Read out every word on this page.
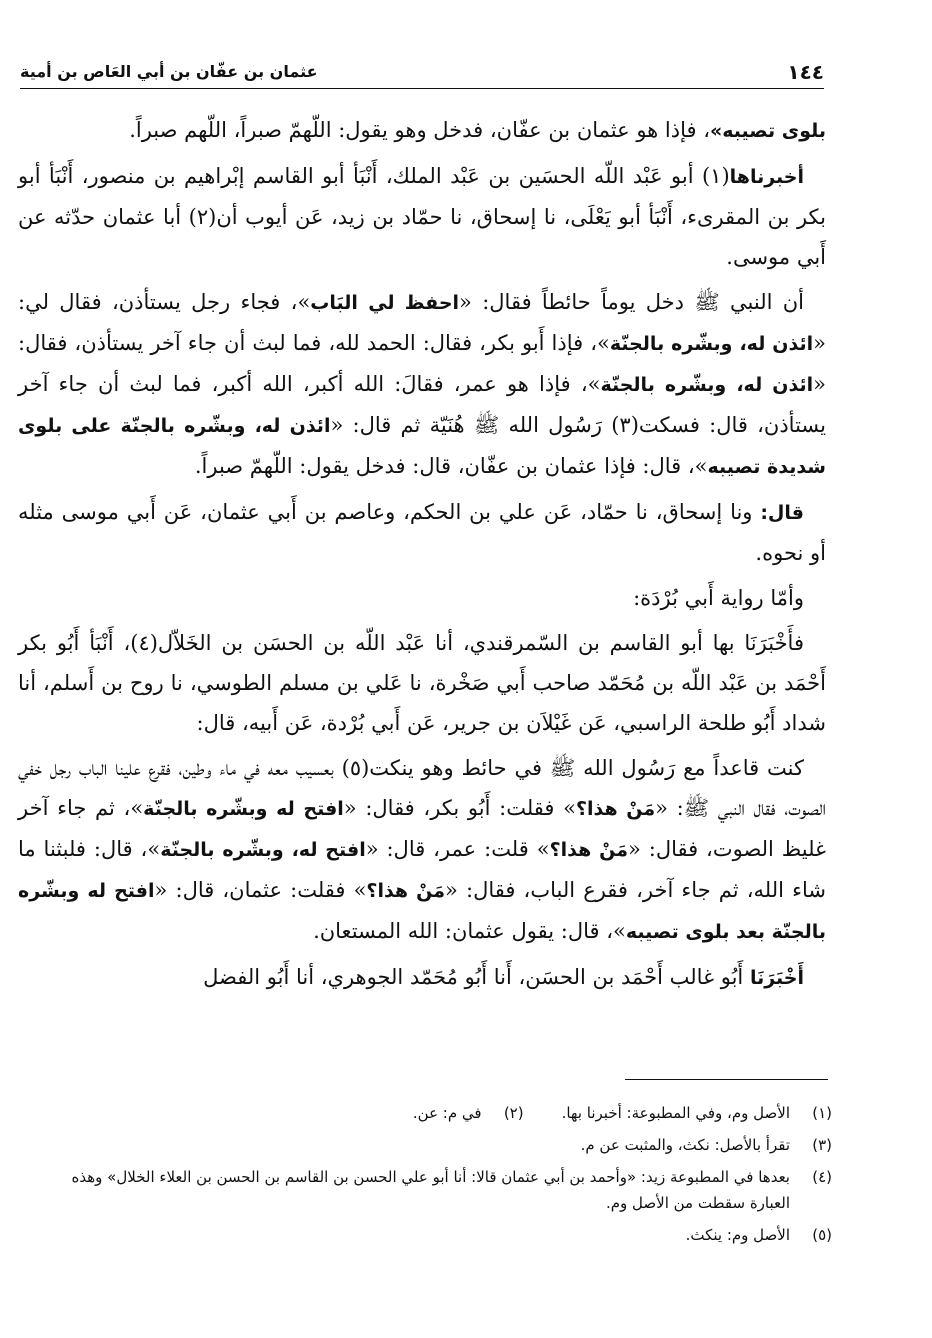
١٤٤
عثمان بن عفّان بن أبي العَاص بن أمية

بلوى تصيبه»، فإذا هو عثمان بن عفّان، فدخل وهو يقول: اللّهمّ صبراً، اللّهم صبراً.

أخبرناها(١) أبو عَبْد اللّه الحسَين بن عَبْد الملك، أَنْبَأ أبو القاسم إبْراهيم بن منصور، أَنْبَأ أبو بكر بن المقرىء، أَنْبَأ أبو يَعْلَى، نا إسحاق، نا حمّاد بن زيد، عَن أيوب أن(٢) أبا عثمان حدّثه عن أَبي موسى.

أن النبي ﷺ دخل يوماً حائطاً فقال: «احفظ لي البَاب»، فجاء رجل يستأذن، فقال لي: «ائذن له، وبشّره بالجنّة»، فإذا أَبو بكر، فقال: الحمد لله، فما لبث أن جاء آخر يستأذن، فقال: «ائذن له، وبشّره بالجنّة»، فإذا هو عمر، فقالَ: الله أكبر، الله أكبر، فما لبث أن جاء آخر يستأذن، قال: فسكت(٣) رَسُول الله ﷺ هُنَيّة ثم قال: «ائذن له، وبشّره بالجنّة على بلوى شديدة تصيبه»، قال: فإذا عثمان بن عفّان، قال: فدخل يقول: اللّهمّ صبراً.

قال: ونا إسحاق، نا حمّاد، عَن علي بن الحكم، وعاصم بن أَبي عثمان، عَن أَبي موسى مثله أو نحوه.

وأمّا رواية أَبي بُرْدَة:

فأَخْبَرَنَا بها أبو القاسم بن السّمرقندي، أنا عَبْد اللّه بن الحسَن بن الخَلاّل(٤)، أَنْبَأ أَبُو بكر أَحْمَد بن عَبْد اللّه بن مُحَمّد صاحب أَبي صَخْرة، نا عَلي بن مسلم الطوسي، نا روح بن أَسلم، أنا شداد أَبُو طلحة الراسبي، عَن غَيْلاَن بن جرير، عَن أَبي بُرْدة، عَن أَبيه، قال:

كنت قاعداً مع رَسُول الله ﷺ في حائط وهو ينكت(٥) بعسيب معه في ماء وطين، فقرع علينا الباب رجل خفي الصوت، فقال النبي ﷺ: «مَنْ هذا؟» فقلت: أَبُو بكر، فقال: «افتح له وبشّره بالجنّة»، ثم جاء آخر غليظ الصوت، فقال: «مَنْ هذا؟» قلت: عمر، قال: «افتح له، وبشّره بالجنّة»، قال: فلبثنا ما شاء الله، ثم جاء آخر، فقرع الباب، فقال: «مَنْ هذا؟» فقلت: عثمان، قال: «افتح له وبشّره بالجنّة بعد بلوى تصيبه»، قال: يقول عثمان: الله المستعان.

أَخْبَرَنَا أَبُو غالب أَحْمَد بن الحسَن، أَنا أَبُو مُحَمّد الجوهري، أنا أَبُو الفضل

(١)
الأصل وم، وفي المطبوعة: أخبرنا بها.
(٢)
في م: عن.
(٣)
تقرأ بالأصل: نكث، والمثبت عن م.
(٤)
بعدها في المطبوعة زيد: «وأحمد بن أبي عثمان قالا: أنا أبو علي الحسن بن القاسم بن الحسن بن العلاء الخلال» وهذه العبارة سقطت من الأصل وم.
(٥)
الأصل وم: ينكث.
